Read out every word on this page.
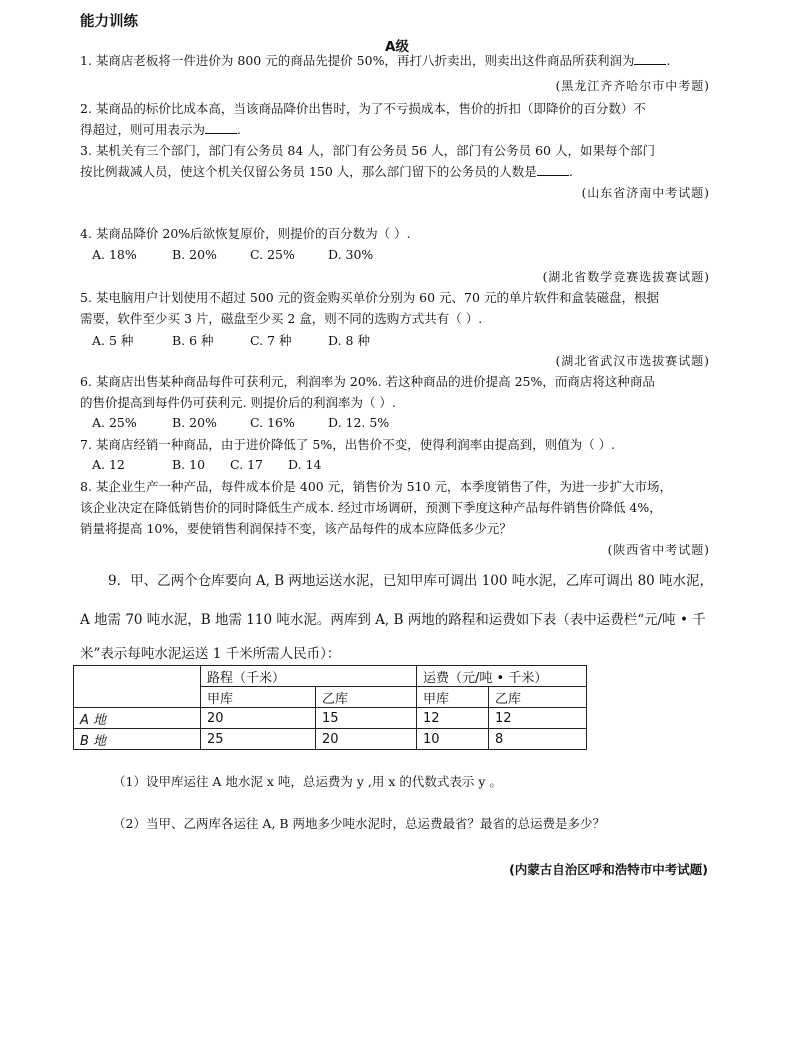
能力训练
A级
1. 某商店老板将一件进价为 800 元的商品先提价 50%，再打八折卖出，则卖出这件商品所获利润为	.
(黑龙江齐齐哈尔市中考题)
2. 某商品的标价比成本高，当该商品降价出售时，为了不亏损成本，售价的折扣（即降价的百分数）不
得超过，则可用表示为	.
3. 某机关有三个部门，部门有公务员 84 人，部门有公务员 56 人，部门有公务员 60 人，如果每个部门
按比例裁减人员，使这个机关仅留公务员 150 人，那么部门留下的公务员的人数是	.
(山东省济南中考试题)
4. 某商品降价 20%后欲恢复原价，则提价的百分数为（ ）.
A. 18%	B. 20%	C. 25%	D. 30%
(湖北省数学竞赛选拔赛试题)
5. 某电脑用户计划使用不超过 500 元的资金购买单价分别为 60 元、70 元的单片软件和盒装磁盘，根据
需要，软件至少买 3 片，磁盘至少买 2 盒，则不同的选购方式共有（ ）.
A. 5 种	B. 6 种	C. 7 种	D. 8 种
(湖北省武汉市选拔赛试题)
6. 某商店出售某种商品每件可获利元，利润率为 20%. 若这种商品的进价提高 25%，而商店将这种商品
的售价提高到每件仍可获利元. 则提价后的利润率为（ ）.
A. 25%	B. 20%	C. 16%	D. 12. 5%
7. 某商店经销一种商品，由于进价降低了 5%，出售价不变，使得利润率由提高到，则值为（ ）.
A. 12	B. 10 C. 17 D. 14
8. 某企业生产一种产品，每件成本价是 400 元，销售价为 510 元，本季度销售了件，为进一步扩大市场，
该企业决定在降低销售价的同时降低生产成本. 经过市场调研，预测下季度这种产品每件销售价降低 4%，
销量将提高 10%，要使销售利润保持不变，该产品每件的成本应降低多少元？
(陕西省中考试题)
9．甲、乙两个仓库要向 A, B 两地运送水泥，已知甲库可调出 100 吨水泥，乙库可调出 80 吨水泥，
A 地需 70 吨水泥，B 地需 110 吨水泥。两库到 A, B 两地的路程和运费如下表（表中运费栏“元/吨 • 千
米”表示每吨水泥运送 1 千米所需人民币）：
	路程（千米）		运费（元/吨 • 千米）	
	甲库	乙库	甲库	乙库
A 地	20	15	12	12
B 地	25	20	10	8
（1）设甲库运往 A 地水泥 x 吨，总运费为 y ,用 x 的代数式表示 y 。
（2）当甲、乙两库各运往 A, B 两地多少吨水泥时，总运费最省？最省的总运费是多少？
(内蒙古自治区呼和浩特市中考试题)
